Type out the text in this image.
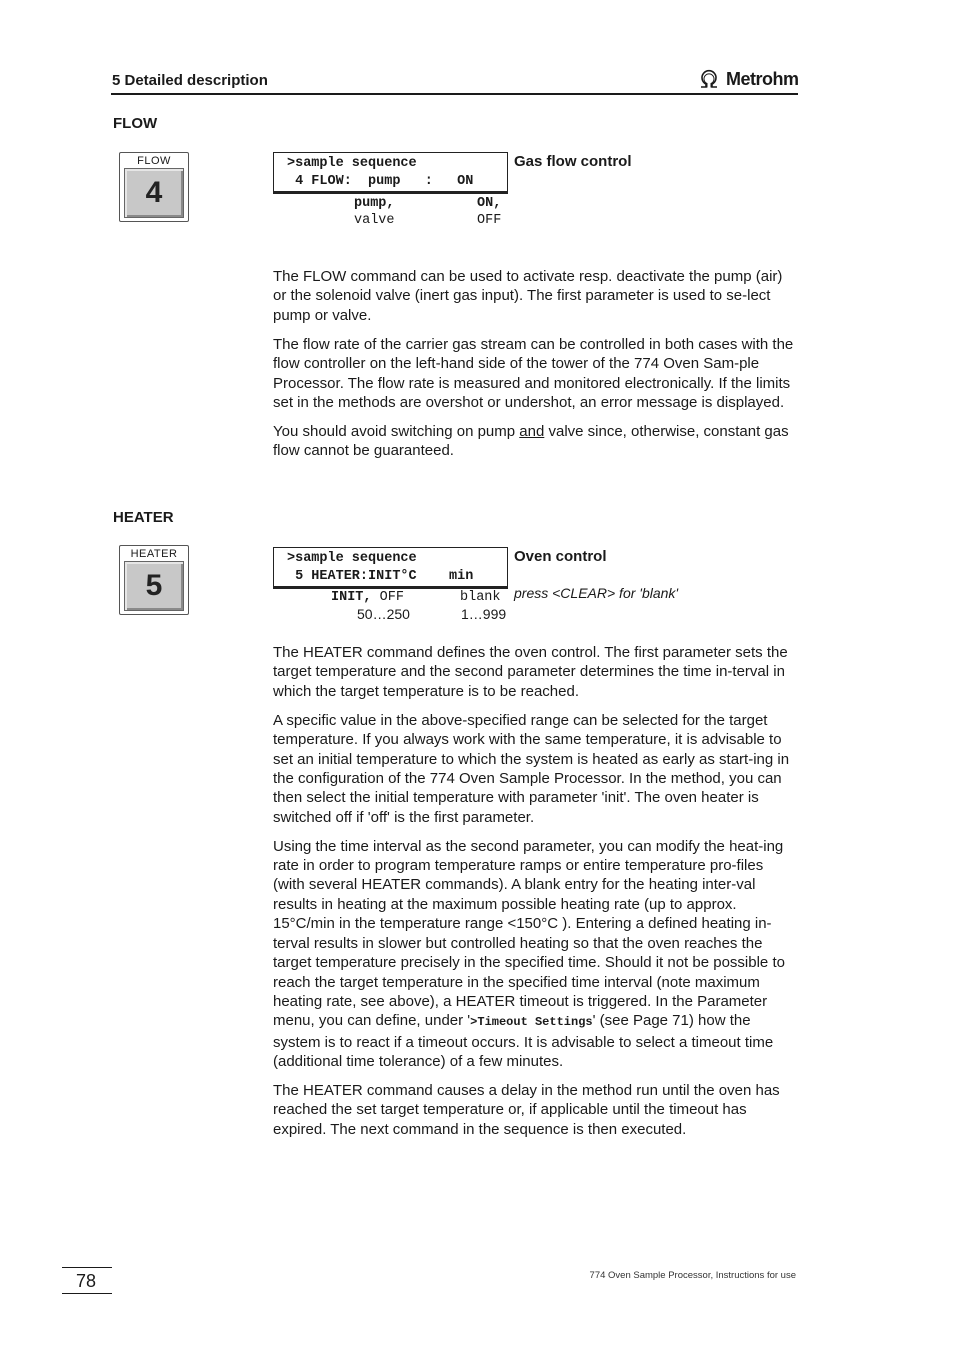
5 Detailed description	Metrohm
FLOW
FLOW
4
>sample sequence
4 FLOW:  pump   :   ON
pump,
valve
ON,
OFF
Gas flow control

The FLOW command can be used to activate resp. deactivate the pump (air) or the solenoid valve (inert gas input). The first parameter is used to se-lect pump or valve.

The flow rate of the carrier gas stream can be controlled in both cases with the flow controller on the left-hand side of the tower of the 774 Oven Sam-ple Processor. The flow rate is measured and monitored electronically. If the limits set in the methods are overshot or undershot, an error message is displayed.

You should avoid switching on pump and valve since, otherwise, constant gas flow cannot be guaranteed.

HEATER
HEATER
5
>sample sequence
5 HEATER:INIT°C    min
INIT, OFF
50…250
blank
1…999
Oven control
press <CLEAR> for 'blank'

The HEATER command defines the oven control. The first parameter sets the target temperature and the second parameter determines the time in-terval in which the target temperature is to be reached.

A specific value in the above-specified range can be selected for the target temperature. If you always work with the same temperature, it is advisable to set an initial temperature to which the system is heated as early as start-ing in the configuration of the 774 Oven Sample Processor. In the method, you can then select the initial temperature with parameter 'init'. The oven heater is switched off if 'off' is the first parameter.

Using the time interval as the second parameter, you can modify the heat-ing rate in order to program temperature ramps or entire temperature pro-files (with several HEATER commands). A blank entry for the heating inter-val results in heating at the maximum possible heating rate (up to approx. 15°C/min in the temperature range <150°C ). Entering a defined heating in-terval results in slower but controlled heating so that the oven reaches the target temperature precisely in the specified time. Should it not be possible to reach the target temperature in the specified time interval (note maximum heating rate, see above), a HEATER timeout is triggered. In the Parameter menu, you can define, under '>Timeout Settings' (see Page 71) how the system is to react if a timeout occurs. It is advisable to select a timeout time (additional time tolerance) of a few minutes.

The HEATER command causes a delay in the method run until the oven has reached the set target temperature or, if applicable until the timeout has expired. The next command in the sequence is then executed.

78	774 Oven Sample Processor, Instructions for use
